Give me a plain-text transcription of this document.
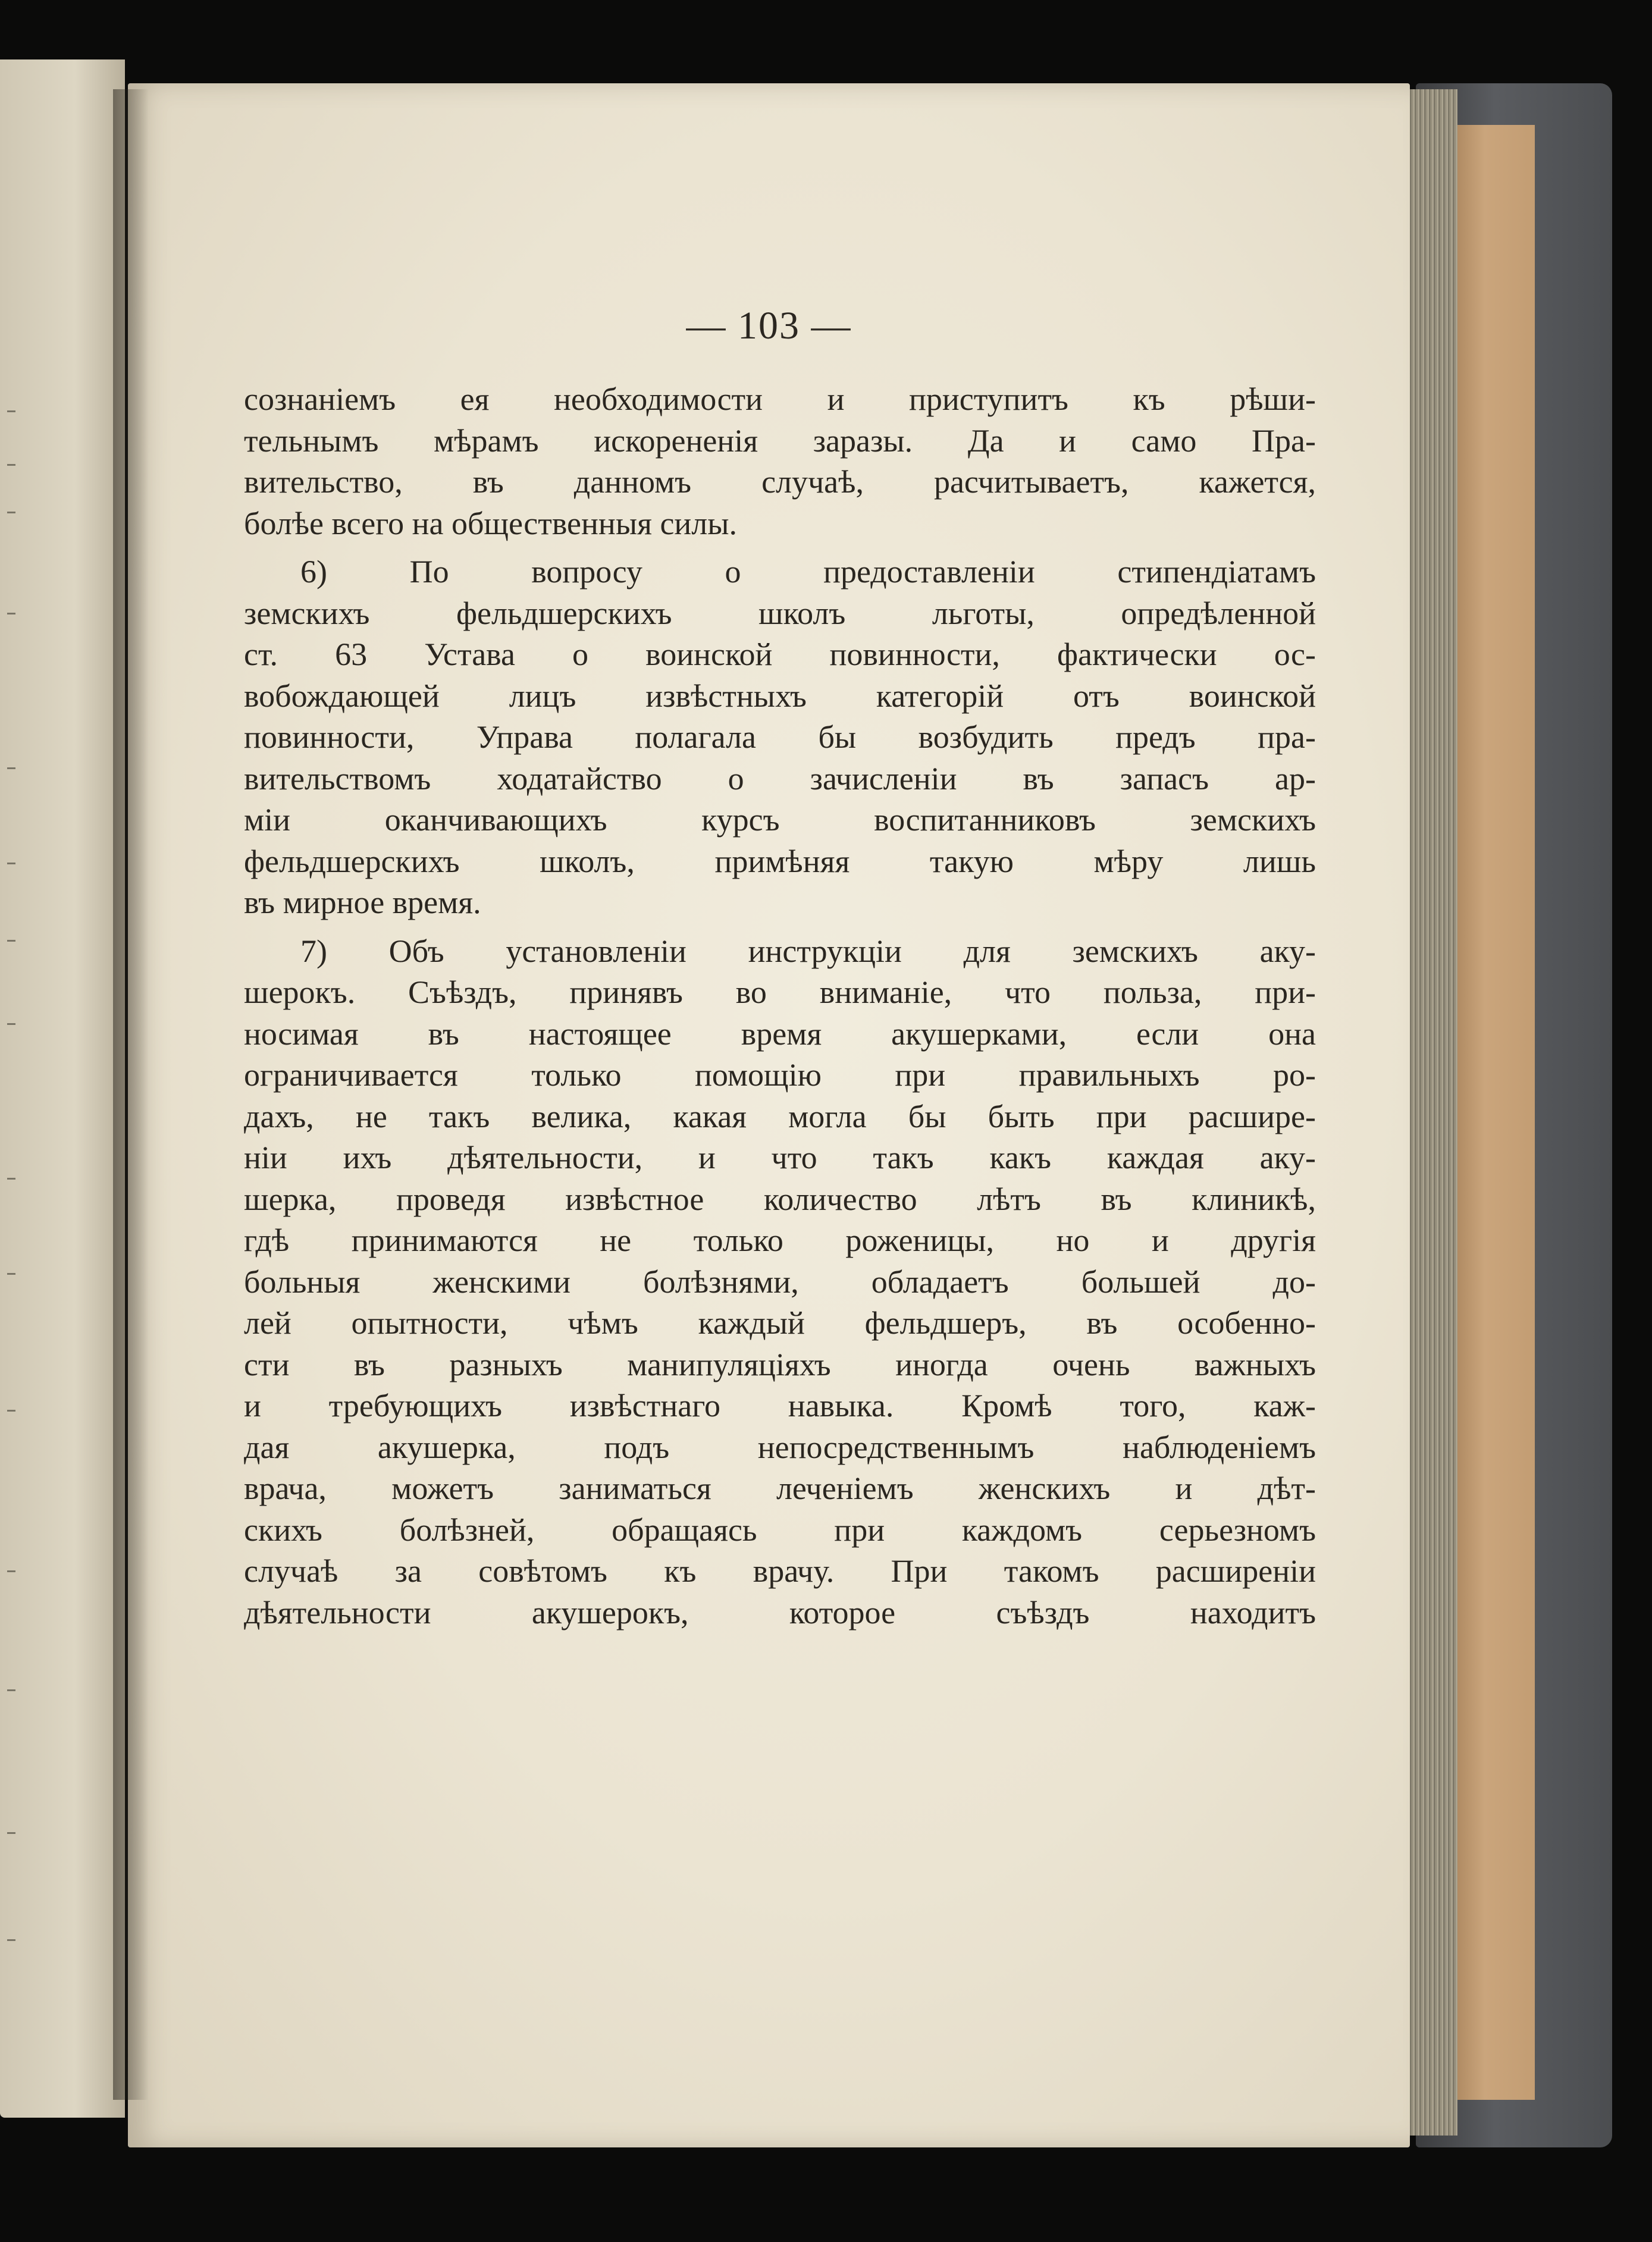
— 103 —
сознаніемъ ея необходимости и приступитъ къ рѣши-
тельнымъ мѣрамъ искорененія заразы. Да и само Пра-
вительство, въ данномъ случаѣ, расчитываетъ, кажется,
болѣе всего на общественныя силы.
6) По вопросу о предоставленіи стипендіатамъ
земскихъ фельдшерскихъ школъ льготы, опредѣленной
ст. 63 Устава о воинской повинности, фактически ос-
вобождающей лицъ извѣстныхъ категорій отъ воинской
повинности, Управа полагала бы возбудить предъ пра-
вительствомъ ходатайство о зачисленіи въ запасъ ар-
міи оканчивающихъ курсъ воспитанниковъ земскихъ
фельдшерскихъ школъ, примѣняя такую мѣру лишь
въ мирное время.
7) Объ установленіи инструкціи для земскихъ аку-
шерокъ. Съѣздъ, принявъ во вниманіе, что польза, при-
носимая въ настоящее время акушерками, если она
ограничивается только помощію при правильныхъ ро-
дахъ, не такъ велика, какая могла бы быть при расшире-
ніи ихъ дѣятельности, и что такъ какъ каждая аку-
шерка, проведя извѣстное количество лѣтъ въ клиникѣ,
гдѣ принимаются не только роженицы, но и другія
больныя женскими болѣзнями, обладаетъ большей до-
лей опытности, чѣмъ каждый фельдшеръ, въ особенно-
сти въ разныхъ манипуляціяхъ иногда очень важныхъ
и требующихъ извѣстнаго навыка. Кромѣ того, каж-
дая акушерка, подъ непосредственнымъ наблюденіемъ
врача, можетъ заниматься леченіемъ женскихъ и дѣт-
скихъ болѣзней, обращаясь при каждомъ серьезномъ
случаѣ за совѣтомъ къ врачу. При такомъ расширеніи
дѣятельности акушерокъ, которое съѣздъ находитъ
